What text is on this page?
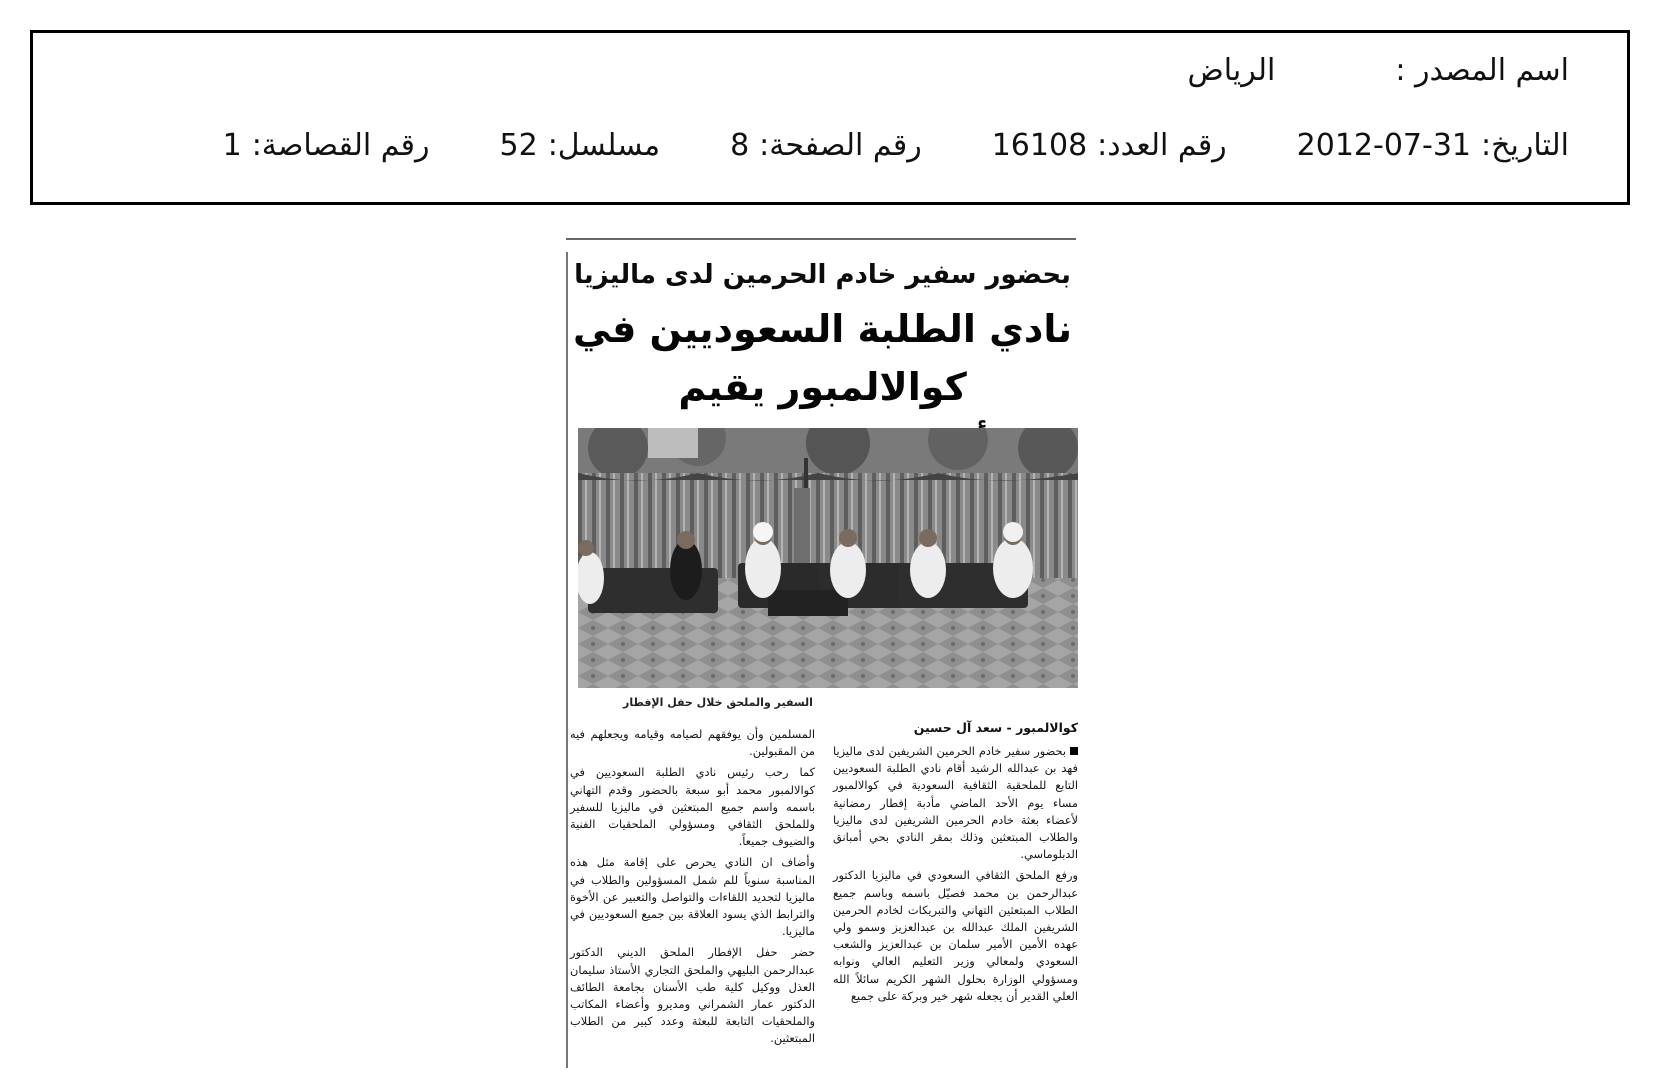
اسم المصدر :
الرياض
التاريخ:
2012-07-31
رقم العدد:
16108
رقم الصفحة:
8
مسلسل:
52
رقم القصاصة:
1
بحضور سفير خادم الحرمين لدى ماليزيا
نادي الطلبة السعوديين في كوالالمبور يقيم
السفير والملحق خلال حفل الإفطار
كوالالمبور - سعد آل حسين

بحضور سفير خادم الحرمين الشريفين لدى ماليزيا فهد بن عبدالله الرشيد أقام نادي الطلبة السعوديين التابع للملحقية الثقافية السعودية في كوالالمبور مساء يوم الأحد الماضي مأدبة إفطار رمضانية لأعضاء بعثة خادم الحرمين الشريفين لدى ماليزيا والطلاب المبتعثين وذلك بمقر النادي بحي أمبانق الدبلوماسي.

ورفع الملحق الثقافي السعودي في ماليزيا الدكتور عبدالرحمن بن محمد فصيّل باسمه وباسم جميع الطلاب المبتعثين التهاني والتبريكات لخادم الحرمين الشريفين الملك عبدالله بن عبدالعزيز وسمو ولي عهده الأمين الأمير سلمان بن عبدالعزيز والشعب السعودي ولمعالي وزير التعليم العالي ونوابه ومسؤولي الوزارة بحلول الشهر الكريم سائلاً الله العلي القدير أن يجعله شهر خير وبركة على جميع

المسلمين وأن يوفقهم لصيامه وقيامه ويجعلهم فيه من المقبولين.

كما رحب رئيس نادي الطلبة السعوديين في كوالالمبور محمد أبو سبعة بالحضور وقدم التهاني باسمه واسم جميع المبتعثين في ماليزيا للسفير وللملحق الثقافي ومسؤولي الملحقيات الفنية والضيوف جميعاً.

وأضاف ان النادي يحرص على إقامة مثل هذه المناسبة سنوياً للم شمل المسؤولين والطلاب في ماليزيا لتجديد اللقاءات والتواصل والتعبير عن الأخوة والترابط الذي يسود العلاقة بين جميع السعوديين في ماليزيا.

حضر حفل الإفطار الملحق الديني الدكتور عبدالرحمن البليهي والملحق التجاري الأستاذ سليمان العذل ووكيل كلية طب الأسنان بجامعة الطائف الدكتور عمار الشمراني ومديرو وأعضاء المكاتب والملحقيات التابعة للبعثة وعدد كبير من الطلاب المبتعثين.
